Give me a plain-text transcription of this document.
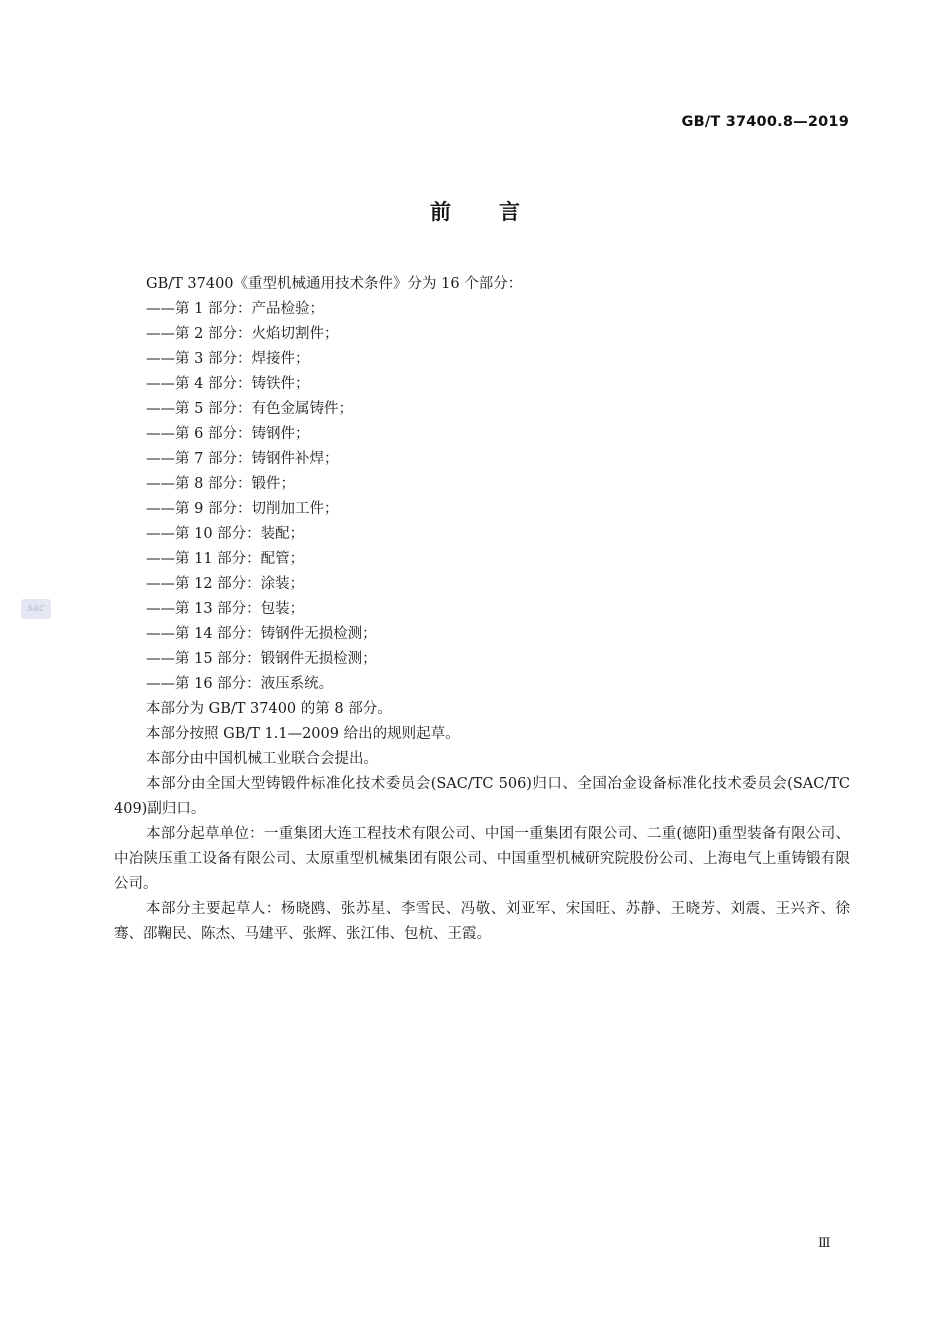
GB/T 37400.8—2019
前 言
SAC

GB/T 37400《重型机械通用技术条件》分为 16 个部分：

——第 1 部分：产品检验；
——第 2 部分：火焰切割件；
——第 3 部分：焊接件；
——第 4 部分：铸铁件；
——第 5 部分：有色金属铸件；
——第 6 部分：铸钢件；
——第 7 部分：铸钢件补焊；
——第 8 部分：锻件；
——第 9 部分：切削加工件；
——第 10 部分：装配；
——第 11 部分：配管；
——第 12 部分：涂装；
——第 13 部分：包装；
——第 14 部分：铸钢件无损检测；
——第 15 部分：锻钢件无损检测；
——第 16 部分：液压系统。

本部分为 GB/T 37400 的第 8 部分。

本部分按照 GB/T 1.1—2009 给出的规则起草。

本部分由中国机械工业联合会提出。

本部分由全国大型铸锻件标准化技术委员会(SAC/TC 506)归口、全国冶金设备标准化技术委员会(SAC/TC 409)副归口。

本部分起草单位：一重集团大连工程技术有限公司、中国一重集团有限公司、二重(德阳)重型装备有限公司、中冶陕压重工设备有限公司、太原重型机械集团有限公司、中国重型机械研究院股份公司、上海电气上重铸锻有限公司。

本部分主要起草人：杨晓鸥、张苏星、李雪民、冯敬、刘亚军、宋国旺、苏静、王晓芳、刘震、王兴齐、徐骞、邵鞠民、陈杰、马建平、张辉、张江伟、包杭、王霞。

Ⅲ
